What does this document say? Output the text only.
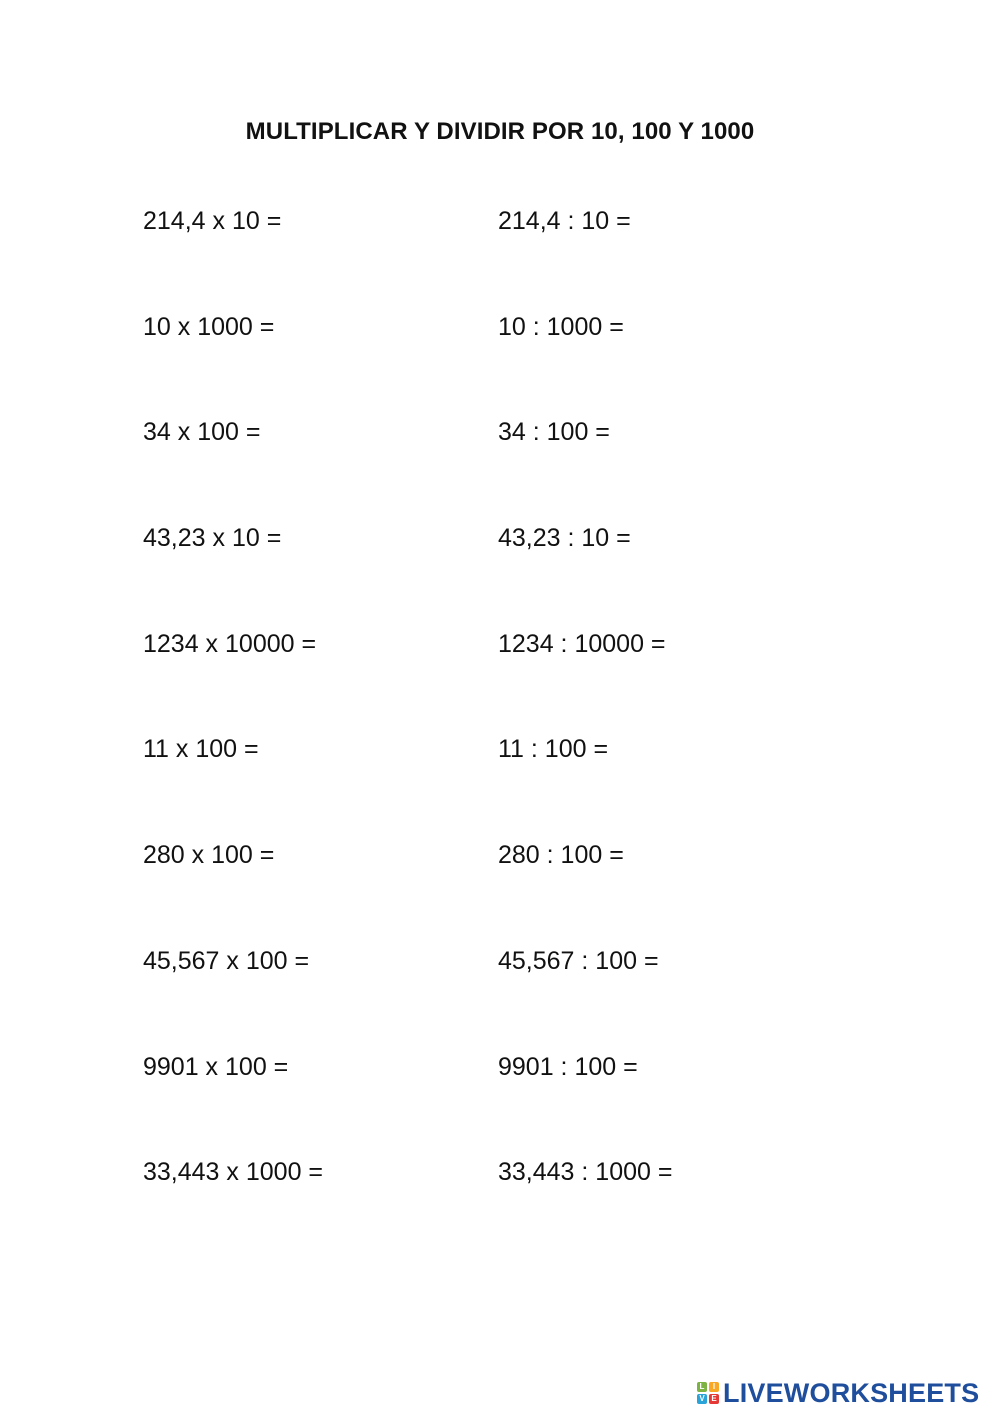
MULTIPLICAR Y DIVIDIR POR 10, 100 Y 1000
214,4 x 10 =	214,4 : 10 =
10 x 1000 =	10 : 1000 =
34 x 100 =	34 : 100 =
43,23 x 10 =	43,23 : 10 =
1234 x 10000 =	1234 : 10000 =
11 x 100 =	11 : 100 =
280 x 100 =	280 : 100 =
45,567 x 100 =	45,567 : 100 =
9901 x 100 =	9901 : 100 =
33,443 x 1000 =	33,443 : 1000 =
L	I
V E LIVEWORKSHEETS
